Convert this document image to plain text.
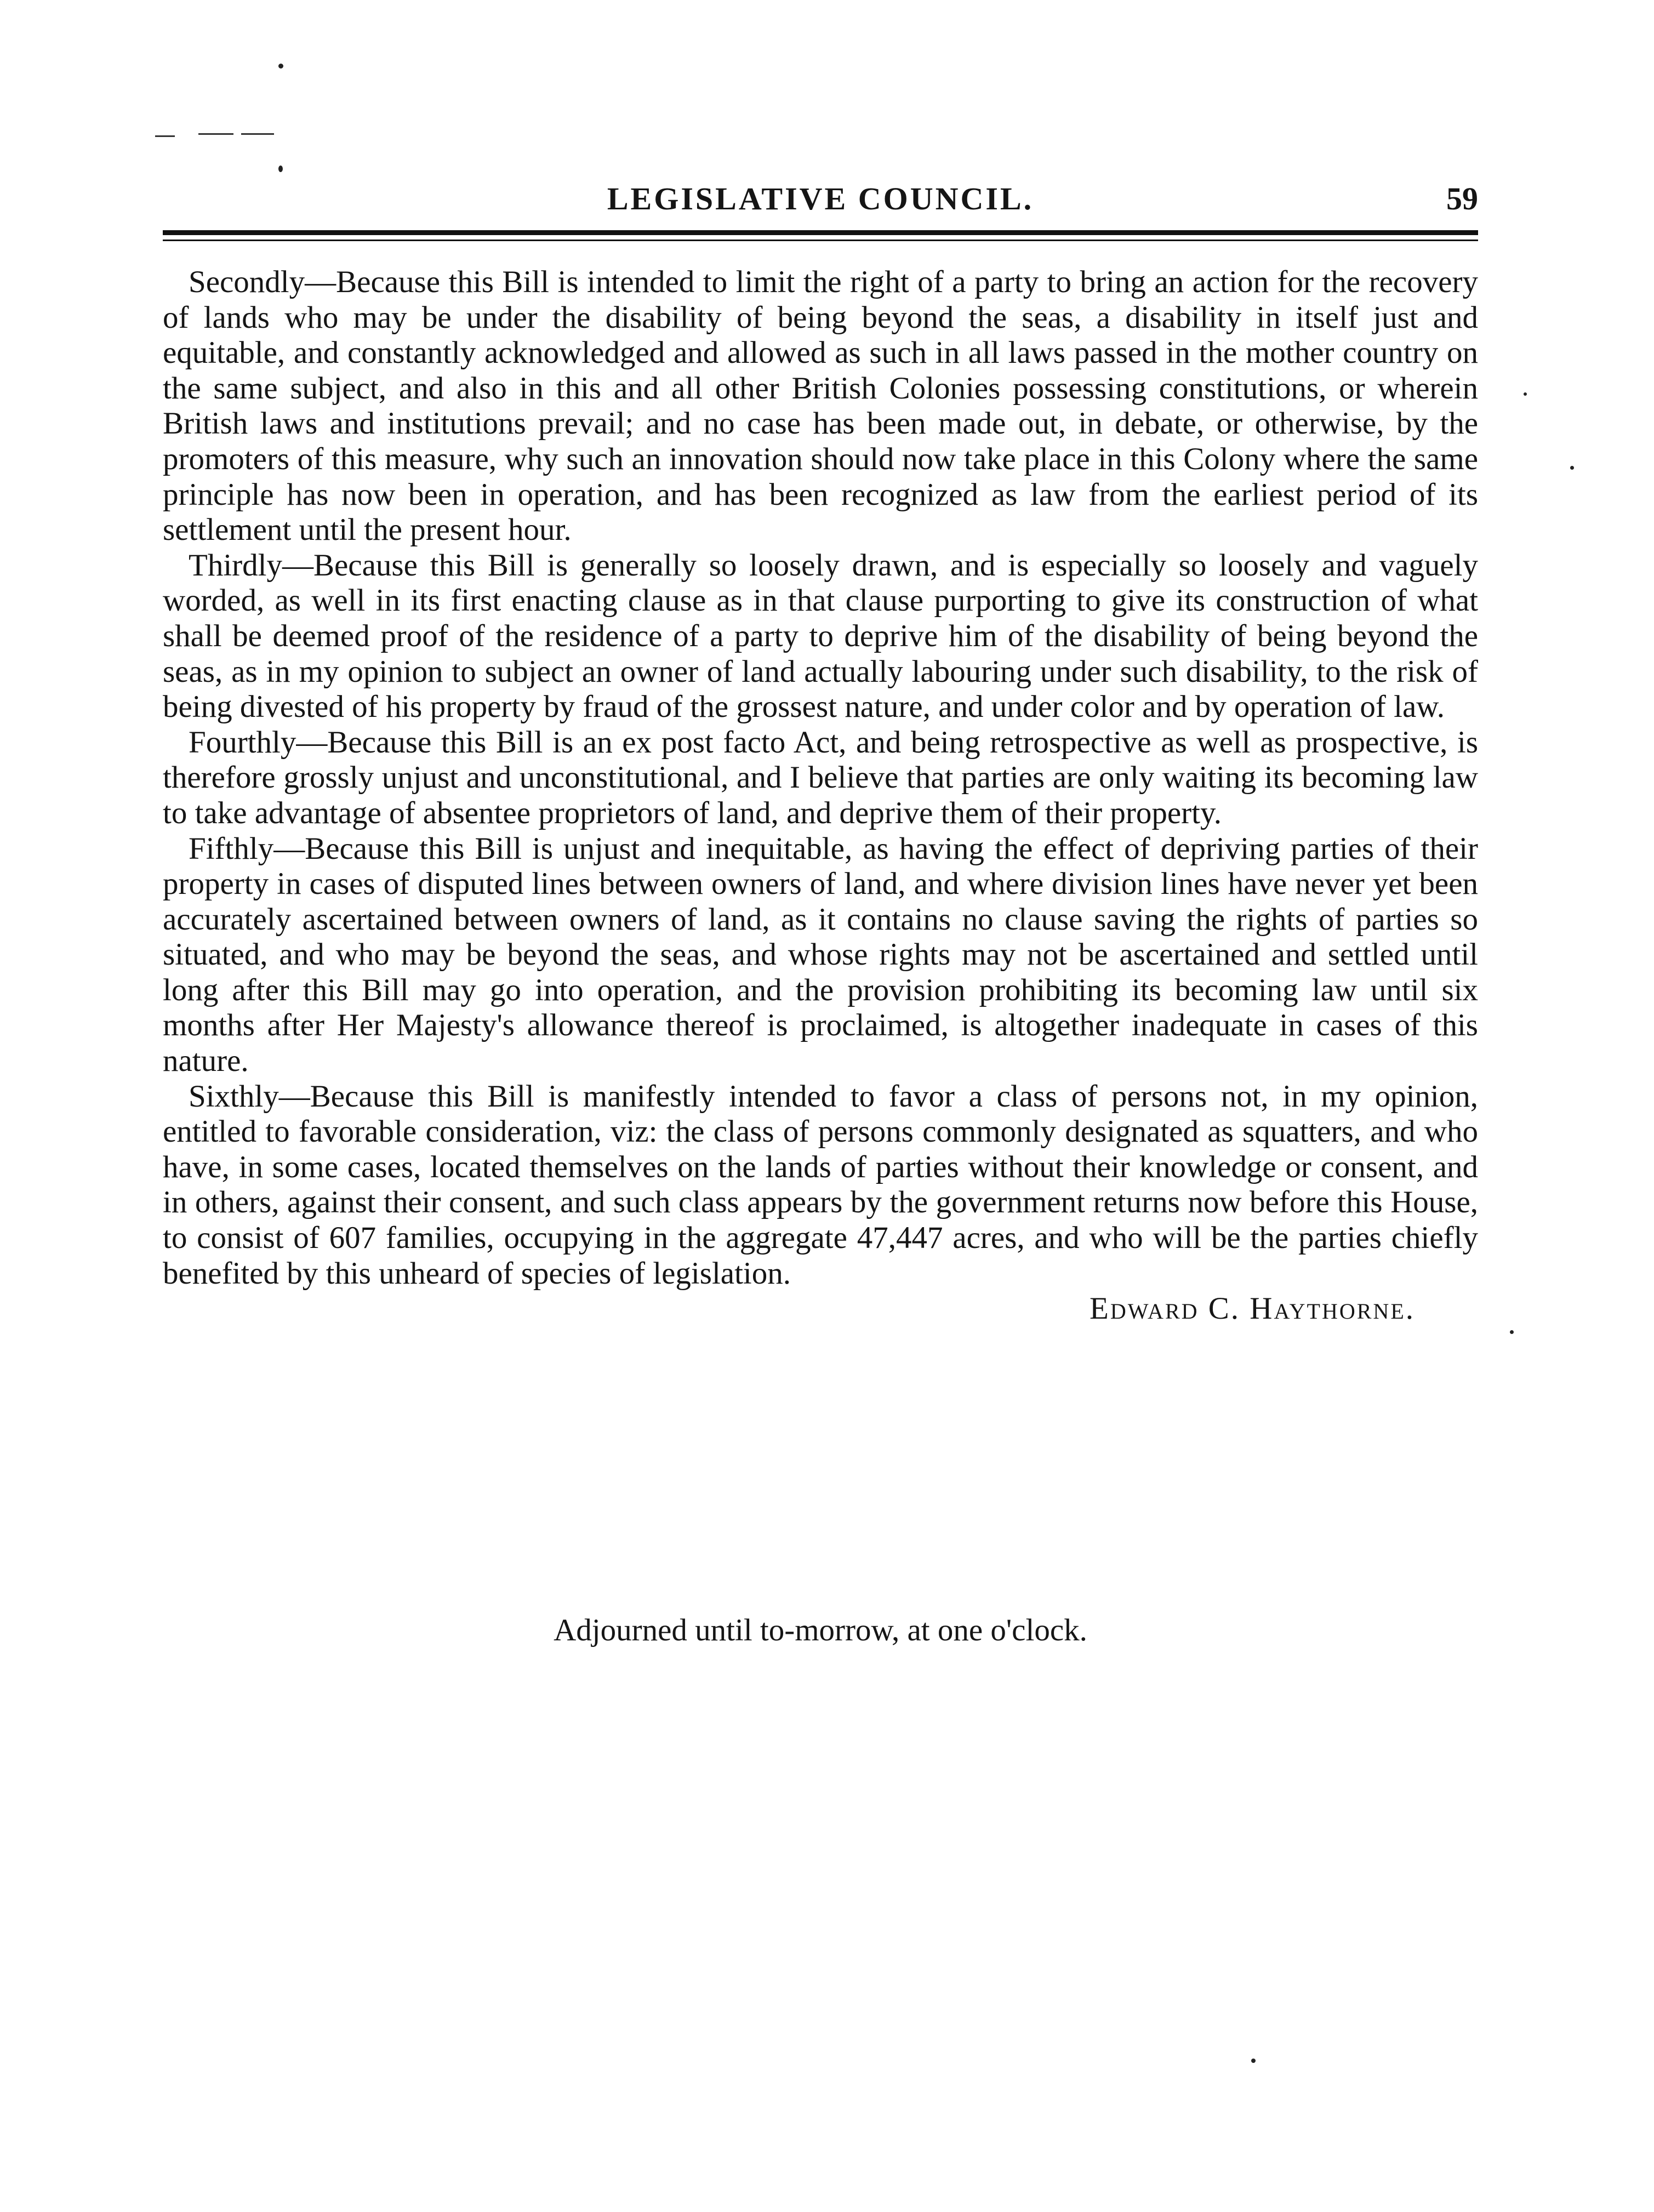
LEGISLATIVE COUNCIL.	59

Secondly—Because this Bill is intended to limit the right of a party to bring an action for the recovery of lands who may be under the disability of being beyond the seas, a disability in itself just and equitable, and constantly acknowledged and allowed as such in all laws passed in the mother country on the same subject, and also in this and all other British Colonies possessing constitutions, or wherein British laws and institutions prevail; and no case has been made out, in debate, or otherwise, by the promoters of this measure, why such an innovation should now take place in this Colony where the same principle has now been in operation, and has been recognized as law from the earliest period of its settlement until the present hour.

Thirdly—Because this Bill is generally so loosely drawn, and is especially so loosely and vaguely worded, as well in its first enacting clause as in that clause purporting to give its construction of what shall be deemed proof of the residence of a party to deprive him of the disability of being beyond the seas, as in my opinion to subject an owner of land actually labouring under such disability, to the risk of being divested of his property by fraud of the grossest nature, and under color and by operation of law.

Fourthly—Because this Bill is an ex post facto Act, and being retrospective as well as prospective, is therefore grossly unjust and unconstitutional, and I believe that parties are only waiting its becoming law to take advantage of absentee proprietors of land, and deprive them of their property.

Fifthly—Because this Bill is unjust and inequitable, as having the effect of depriving parties of their property in cases of disputed lines between owners of land, and where division lines have never yet been accurately ascertained between owners of land, as it contains no clause saving the rights of parties so situated, and who may be beyond the seas, and whose rights may not be ascertained and settled until long after this Bill may go into operation, and the provision prohibiting its becoming law until six months after Her Majesty's allowance thereof is proclaimed, is altogether inadequate in cases of this nature.

Sixthly—Because this Bill is manifestly intended to favor a class of persons not, in my opinion, entitled to favorable consideration, viz: the class of persons commonly designated as squatters, and who have, in some cases, located themselves on the lands of parties without their knowledge or consent, and in others, against their consent, and such class appears by the government returns now before this House, to consist of 607 families, occupying in the aggregate 47,447 acres, and who will be the parties chiefly benefited by this unheard of species of legislation.

Edward C. Haythorne.

Adjourned until to-morrow, at one o'clock.
